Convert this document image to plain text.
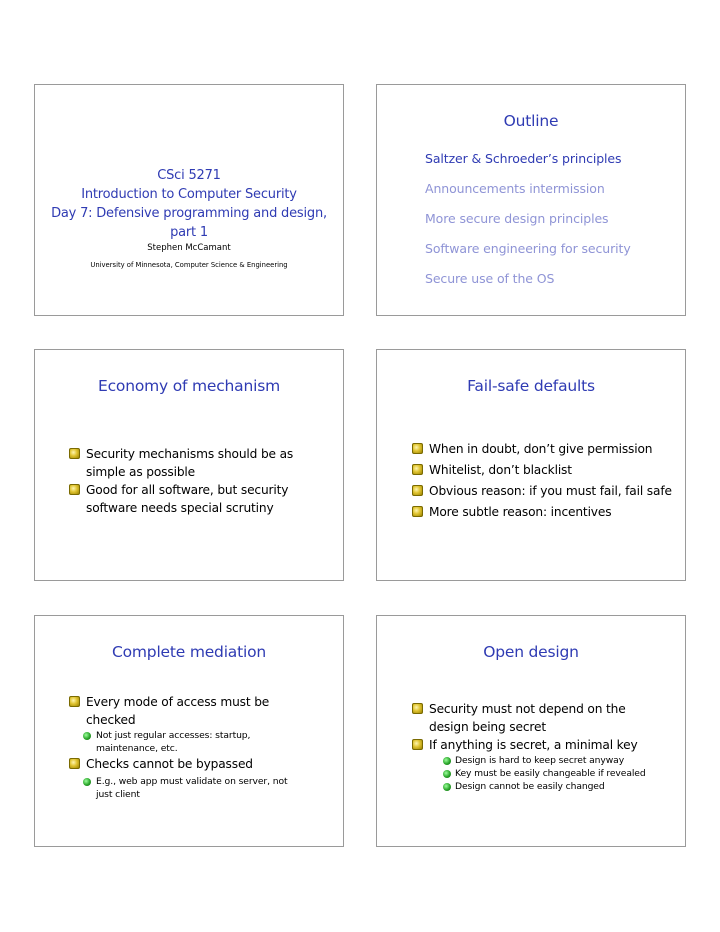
CSci 5271
Introduction to Computer Security
Day 7: Defensive programming and design,
part 1
Stephen McCamant
University of Minnesota, Computer Science & Engineering
Outline
Saltzer & Schroeder’s principles
Announcements intermission
More secure design principles
Software engineering for security
Secure use of the OS
Economy of mechanism
Security mechanisms should be as
simple as possible
Good for all software, but security
software needs special scrutiny
Fail-safe defaults
When in doubt, don’t give permission
Whitelist, don’t blacklist
Obvious reason: if you must fail, fail safe
More subtle reason: incentives
Complete mediation
Every mode of access must be
checked
Not just regular accesses: startup,
maintenance, etc.
Checks cannot be bypassed
E.g., web app must validate on server, not
just client
Open design
Security must not depend on the
design being secret
If anything is secret, a minimal key
Design is hard to keep secret anyway
Key must be easily changeable if revealed
Design cannot be easily changed
